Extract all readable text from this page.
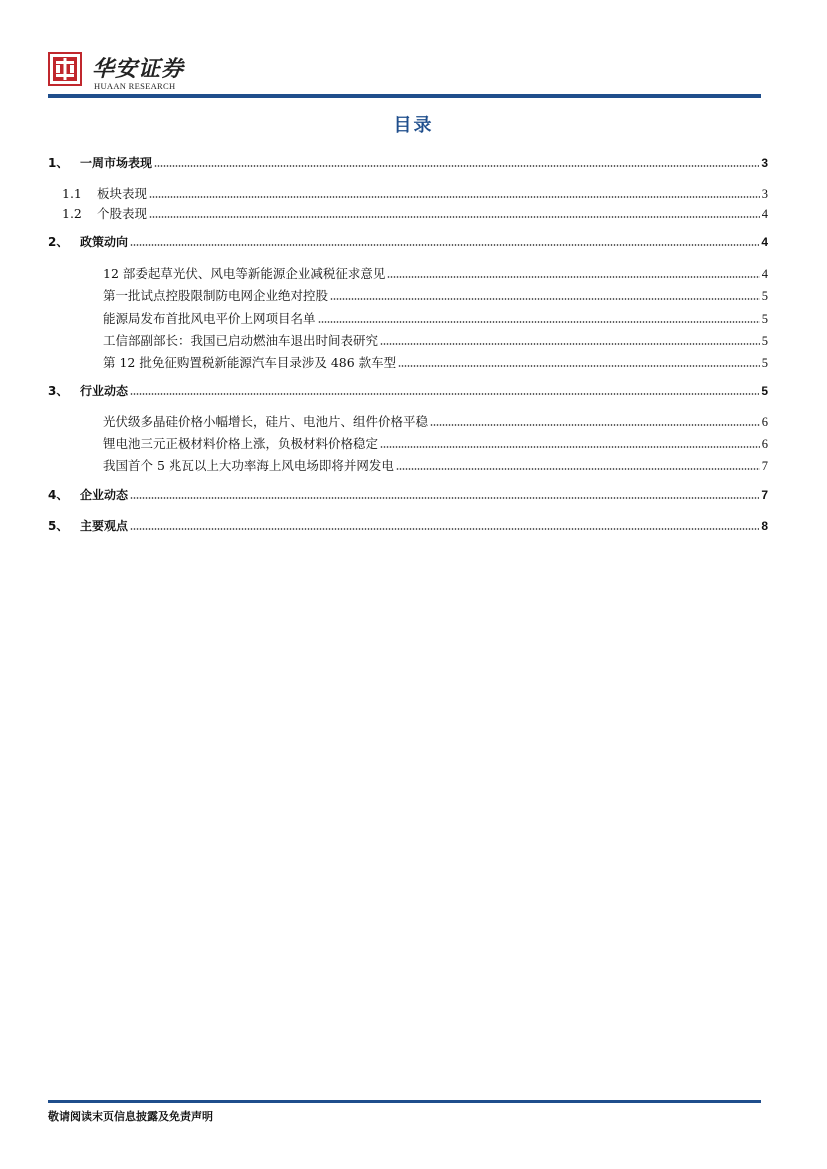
华安证券
HUAAN RESEARCH
目录
1、 一周市场表现	3
1.1	板块表现	3
1.2	个股表现	4
2、 政策动向	4
12 部委起草光伏、风电等新能源企业减税征求意见	4
第一批试点控股限制防电网企业绝对控股	5
能源局发布首批风电平价上网项目名单	5
工信部副部长：我国已启动燃油车退出时间表研究	5
第 12 批免征购置税新能源汽车目录涉及 486 款车型	5
3、 行业动态	5
光伏级多晶硅价格小幅增长，硅片、电池片、组件价格平稳	6
锂电池三元正极材料价格上涨，负极材料价格稳定	6
我国首个 5 兆瓦以上大功率海上风电场即将并网发电	7
4、 企业动态	7
5、 主要观点	8
敬请阅读末页信息披露及免责声明
